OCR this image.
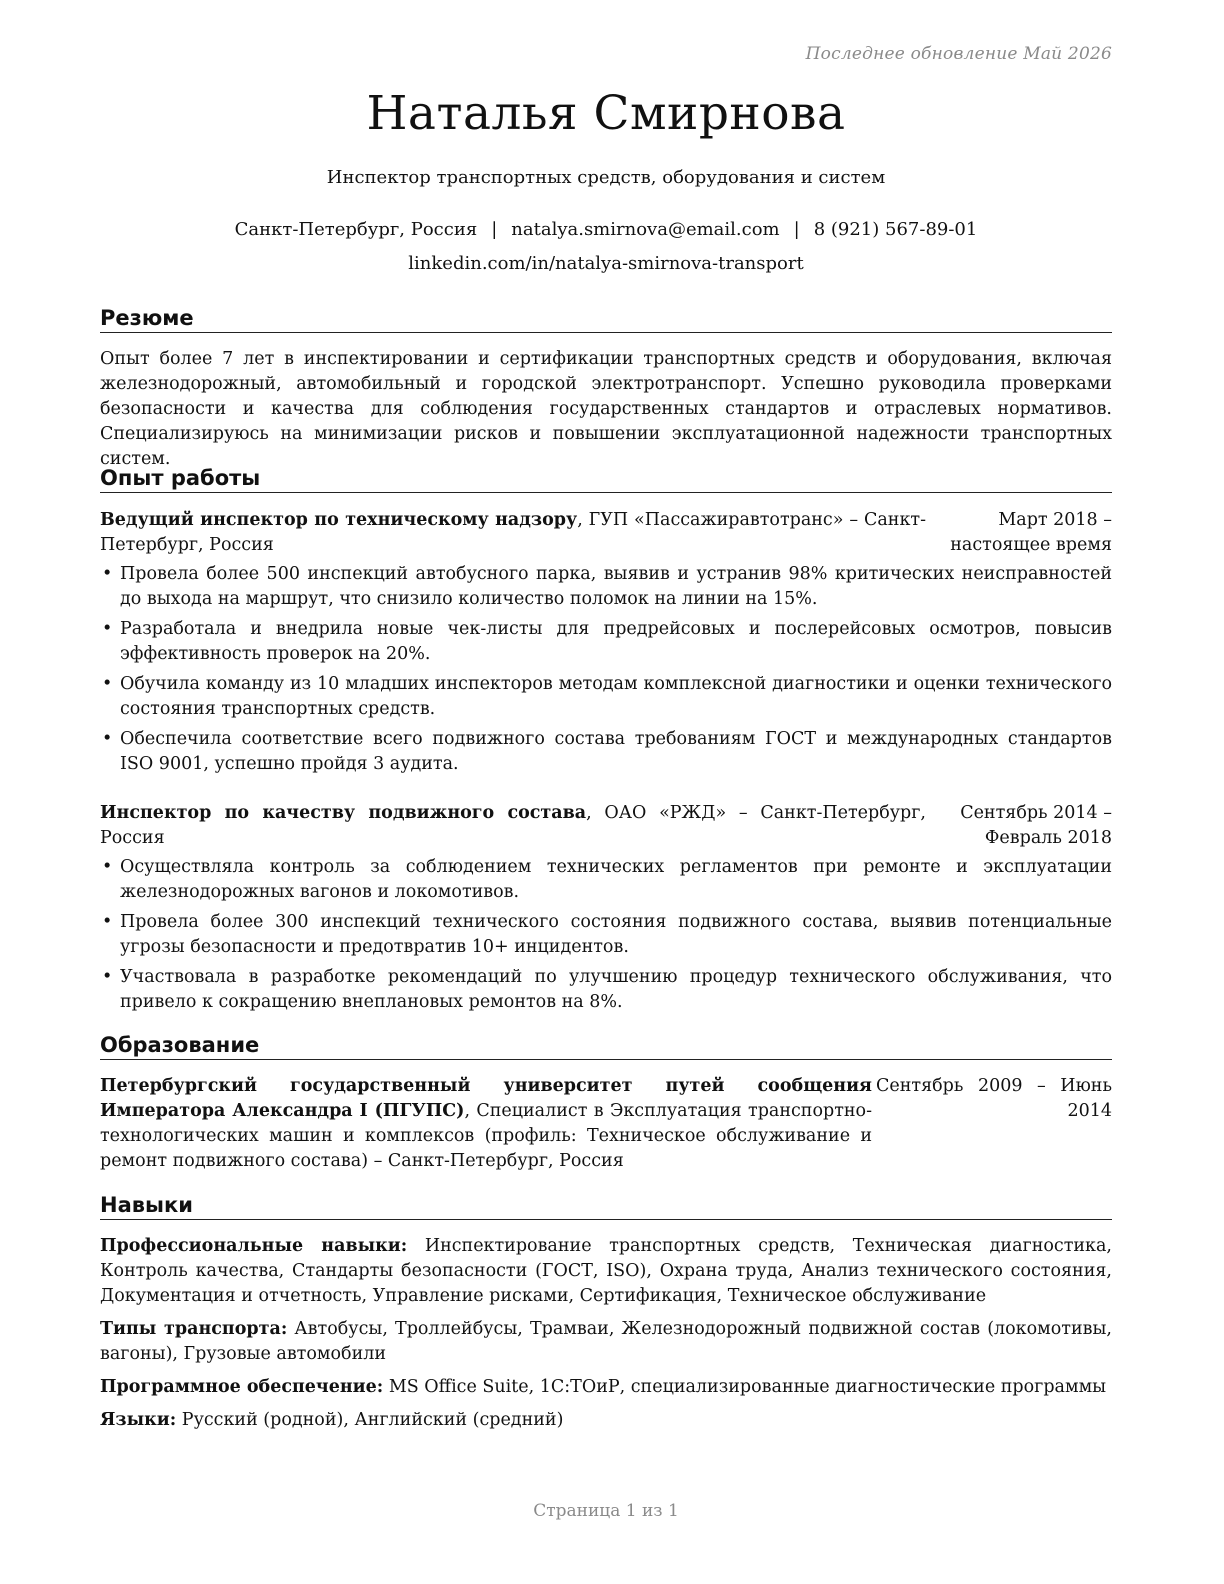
Последнее обновление Май 2026
Наталья Смирнова
Инспектор транспортных средств, оборудования и систем
Санкт-Петербург, Россия | natalya.smirnova@email.com | 8 (921) 567-89-01
linkedin.com/in/natalya-smirnova-transport
Резюме
Опыт более 7 лет в инспектировании и сертификации транспортных средств и оборудования, включая железнодорожный, автомобильный и городской электротранспорт. Успешно руководила проверками безопасности и качества для соблюдения государственных стандартов и отраслевых нормативов. Специализируюсь на минимизации рисков и повышении эксплуатационной надежности транспортных систем.
Опыт работы
Ведущий инспектор по техническому надзору, ГУП «Пассажиравтотранс» – Санкт-Петербург, Россия
Март 2018 – настоящее время
• Провела более 500 инспекций автобусного парка, выявив и устранив 98% критических неисправностей до выхода на маршрут, что снизило количество поломок на линии на 15%.
• Разработала и внедрила новые чек-листы для предрейсовых и послерейсовых осмотров, повысив эффективность проверок на 20%.
• Обучила команду из 10 младших инспекторов методам комплексной диагностики и оценки технического состояния транспортных средств.
• Обеспечила соответствие всего подвижного состава требованиям ГОСТ и международных стандартов ISO 9001, успешно пройдя 3 аудита.
Инспектор по качеству подвижного состава, ОАО «РЖД» – Санкт-Петербург, Россия
Сентябрь 2014 – Февраль 2018
• Осуществляла контроль за соблюдением технических регламентов при ремонте и эксплуатации железнодорожных вагонов и локомотивов.
• Провела более 300 инспекций технического состояния подвижного состава, выявив потенциальные угрозы безопасности и предотвратив 10+ инцидентов.
• Участвовала в разработке рекомендаций по улучшению процедур технического обслуживания, что привело к сокращению внеплановых ремонтов на 8%.
Образование
Петербургский государственный университет путей сообщения Императора Александра I (ПГУПС), Специалист в Эксплуатация транспортно-технологических машин и комплексов (профиль: Техническое обслуживание и ремонт подвижного состава) – Санкт-Петербург, Россия
Сентябрь 2009 – Июнь 2014
Навыки
Профессиональные навыки: Инспектирование транспортных средств, Техническая диагностика, Контроль качества, Стандарты безопасности (ГОСТ, ISO), Охрана труда, Анализ технического состояния, Документация и отчетность, Управление рисками, Сертификация, Техническое обслуживание
Типы транспорта: Автобусы, Троллейбусы, Трамваи, Железнодорожный подвижной состав (локомотивы, вагоны), Грузовые автомобили
Программное обеспечение: MS Office Suite, 1С:ТОиР, специализированные диагностические программы
Языки: Русский (родной), Английский (средний)
Страница 1 из 1
